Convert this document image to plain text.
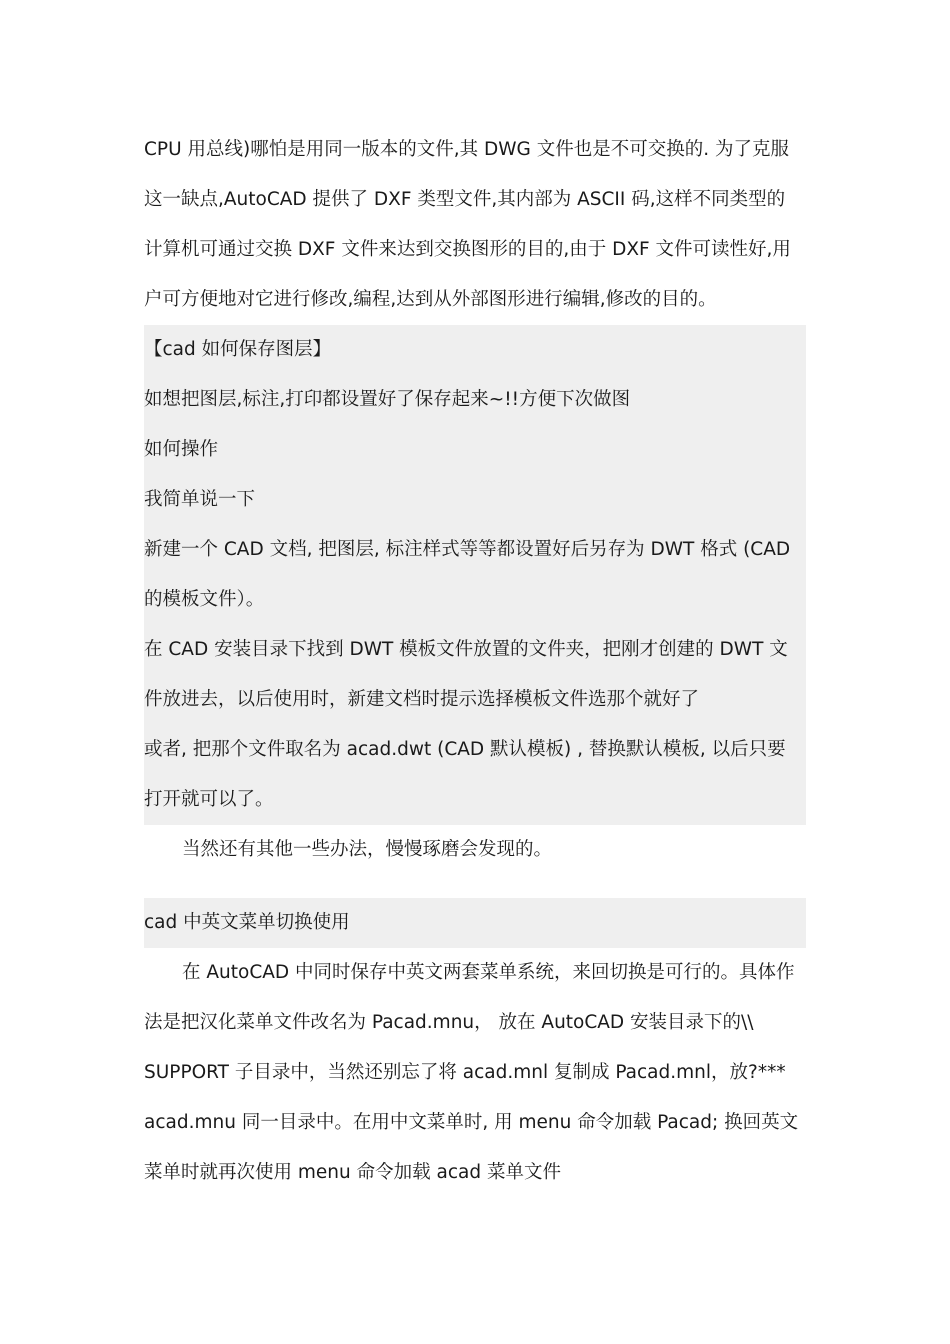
CPU 用总线)哪怕是用同一版本的文件,其 DWG 文件也是不可交换的. 为了克服
这一缺点,AutoCAD 提供了 DXF 类型文件,其内部为 ASCII 码,这样不同类型的
计算机可通过交换 DXF 文件来达到交换图形的目的,由于 DXF 文件可读性好,用
户可方便地对它进行修改,编程,达到从外部图形进行编辑,修改的目的。
【cad 如何保存图层】
如想把图层,标注,打印都设置好了保存起来~!!方便下次做图
如何操作
我简单说一下
新建一个 CAD 文档, 把图层, 标注样式等等都设置好后另存为 DWT 格式 (CAD
的模板文件）。
在 CAD 安装目录下找到 DWT 模板文件放置的文件夹，把刚才创建的 DWT 文
件放进去，以后使用时，新建文档时提示选择模板文件选那个就好了
或者, 把那个文件取名为 acad.dwt (CAD 默认模板) , 替换默认模板, 以后只要
打开就可以了。
当然还有其他一些办法，慢慢琢磨会发现的。
cad 中英文菜单切换使用
在 AutoCAD 中同时保存中英文两套菜单系统，来回切换是可行的。具体作
法是把汉化菜单文件改名为 Pacad.mnu， 放在 AutoCAD 安装目录下的\\
SUPPORT 子目录中，当然还别忘了将 acad.mnl 复制成 Pacad.mnl，放?***
acad.mnu 同一目录中。在用中文菜单时, 用 menu 命令加载 Pacad; 换回英文
菜单时就再次使用 menu 命令加载 acad 菜单文件
